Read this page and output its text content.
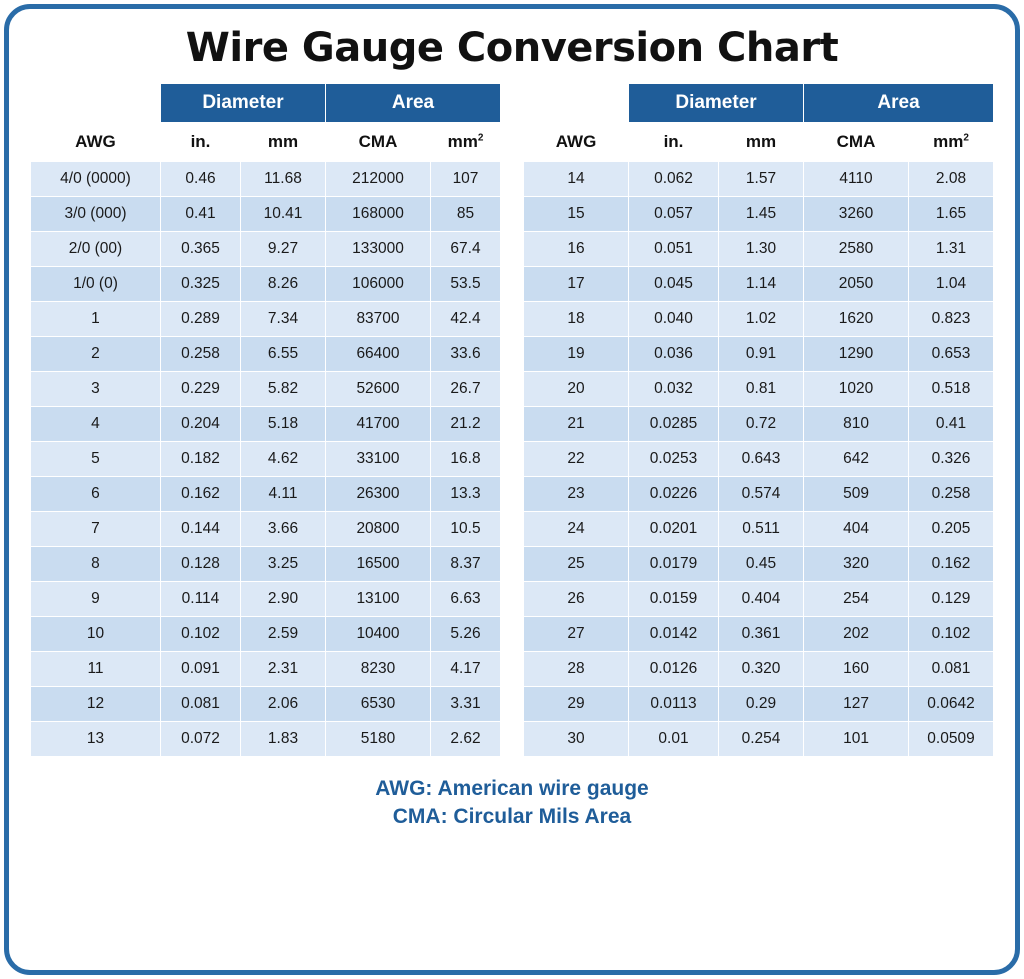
Wire Gauge Conversion Chart
	Diameter		Area	
AWG	in.	mm	CMA	$mm^2$
4/0 (0000)	0.46	11.68	212000	107
3/0 (000)	0.41	10.41	168000	85
2/0 (00)	0.365	9.27	133000	67.4
1/0 (0)	0.325	8.26	106000	53.5
1	0.289	7.34	83700	42.4
2	0.258	6.55	66400	33.6
3	0.229	5.82	52600	26.7
4	0.204	5.18	41700	21.2
5	0.182	4.62	33100	16.8
6	0.162	4.11	26300	13.3
7	0.144	3.66	20800	10.5
8	0.128	3.25	16500	8.37
9	0.114	2.90	13100	6.63
10	0.102	2.59	10400	5.26
11	0.091	2.31	8230	4.17
12	0.081	2.06	6530	3.31
13	0.072	1.83	5180	2.62
	Diameter		Area	
AWG	in.	mm	CMA	$mm^2$
14	0.062	1.57	4110	2.08
15	0.057	1.45	3260	1.65
16	0.051	1.30	2580	1.31
17	0.045	1.14	2050	1.04
18	0.040	1.02	1620	0.823
19	0.036	0.91	1290	0.653
20	0.032	0.81	1020	0.518
21	0.0285	0.72	810	0.41
22	0.0253	0.643	642	0.326
23	0.0226	0.574	509	0.258
24	0.0201	0.511	404	0.205
25	0.0179	0.45	320	0.162
26	0.0159	0.404	254	0.129
27	0.0142	0.361	202	0.102
28	0.0126	0.320	160	0.081
29	0.0113	0.29	127	0.0642
30	0.01	0.254	101	0.0509
AWG: American wire gauge
CMA: Circular Mils Area
